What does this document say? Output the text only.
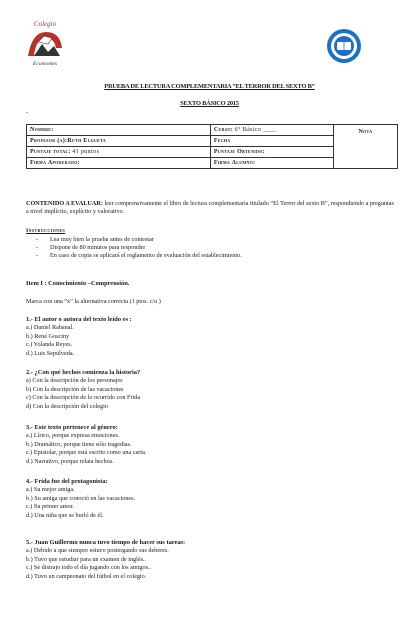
Colegio
Ecomontes
PRUEBA DE LECTURA COMPLEMENTARIA “EL TERROR DEL SEXTO B”
SEXTO BÁSICO 2015
-
Nombre:	Curso: 6° Básico ____	Nota
Profesor (a):Ruth Elgueta	Fecha	
Puntaje total: 41 puntos	Puntaje Obtenido:	
Firma Apoderado:	Firma Alumno:	
CONTENIDO A EVALUAR: leer comprensivamente el libro de lectura complementaria titulado “El Terror del sexto B”, respondiendo a preguntas a nivel implícito, explícito y valorativo.
Instrucciones
- Lea muy bien la prueba antes de contestar
- Dispone de 80 minutos para responder
- En caso de copia se aplicará el reglamento de evaluación del establecimiento.
Item I : Conocimiento –Comprensión.
Marca con una “x” la alternativa correcta (1 ptos. c/u )
1.- El autor o autora del texto leído es :
a.) Daniel Rabanal.
b.) René Gosciny
c.) Yolanda Reyes.
d.) Luis Sepúlveda.
2.- ¿Con qué hechos comienza la historia?
a) Con la descripción de los personajes
b) Con la descripción de las vacaciones
c) Con la descripción de lo ocurrido con Frida
d) Con la descripción del colegio
3.- Este texto pertenece al género:
a.) Lírico, porque expresa emociones.
b.) Dramático, porque tiene sólo tragedias.
c.) Epistolar, porque está escrito como una carta.
d.) Narrativo, porque relata hechos.
4.- Frida fue del protagonista:
a.) Su mejor amiga.
b.) Su amiga que conoció en las vacaciones.
c.) Su primer amor.
d.) Una niña que se burló de él.
5.- Juan Guillermo nunca tuvo tiempo de hacer sus tareas:
a.) Debido a que siempre estuvo postergando sus deberes.
b.) Tuvo que estudiar para un examen de inglés..
c.) Se distrajo todo el día jugando con los amigos..
d.) Tuvo un campeonato del fútbol en el colegio.
